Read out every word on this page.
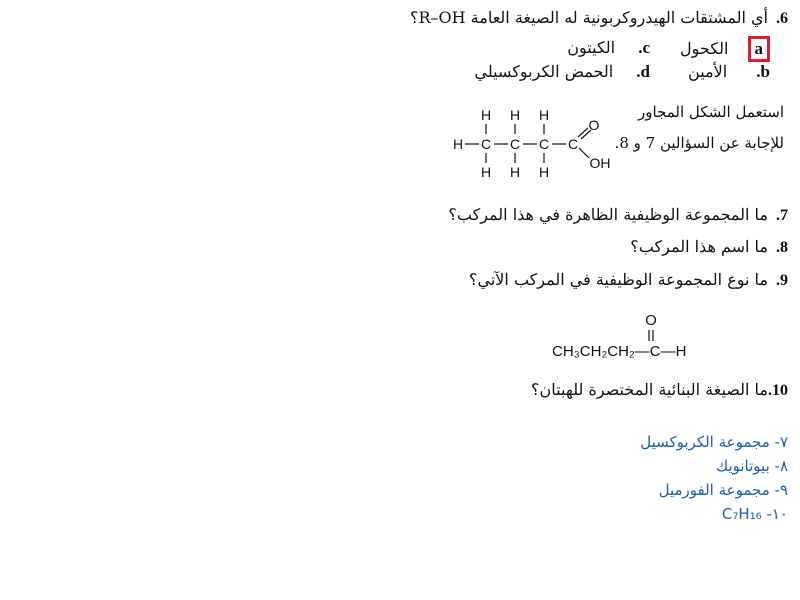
6.أي المشتقات الهيدروكربونية له الصيغة العامة R–OH؟
a الكحول
c. الكيتون
b. الأمين
d. الحمض الكربوكسيلي
استعمل الشكل المجاور
للإجابة عن السؤالين 7 و 8.
H H H
H C C C C
H H H
O
OH
7.ما المجموعة الوظيفية الظاهرة في هذا المركب؟
8.ما اسم هذا المركب؟
9.ما نوع المجموعة الوظيفية في المركب الآتي؟
O
CH₃CH₂CH₂—C—H
10.ما الصيغة البنائية المختصرة للهبتان؟
٧- مجموعة الكربوكسيل
٨- بيوتانويك
٩- مجموعة الفورميل
١٠- C₇H₁₆
